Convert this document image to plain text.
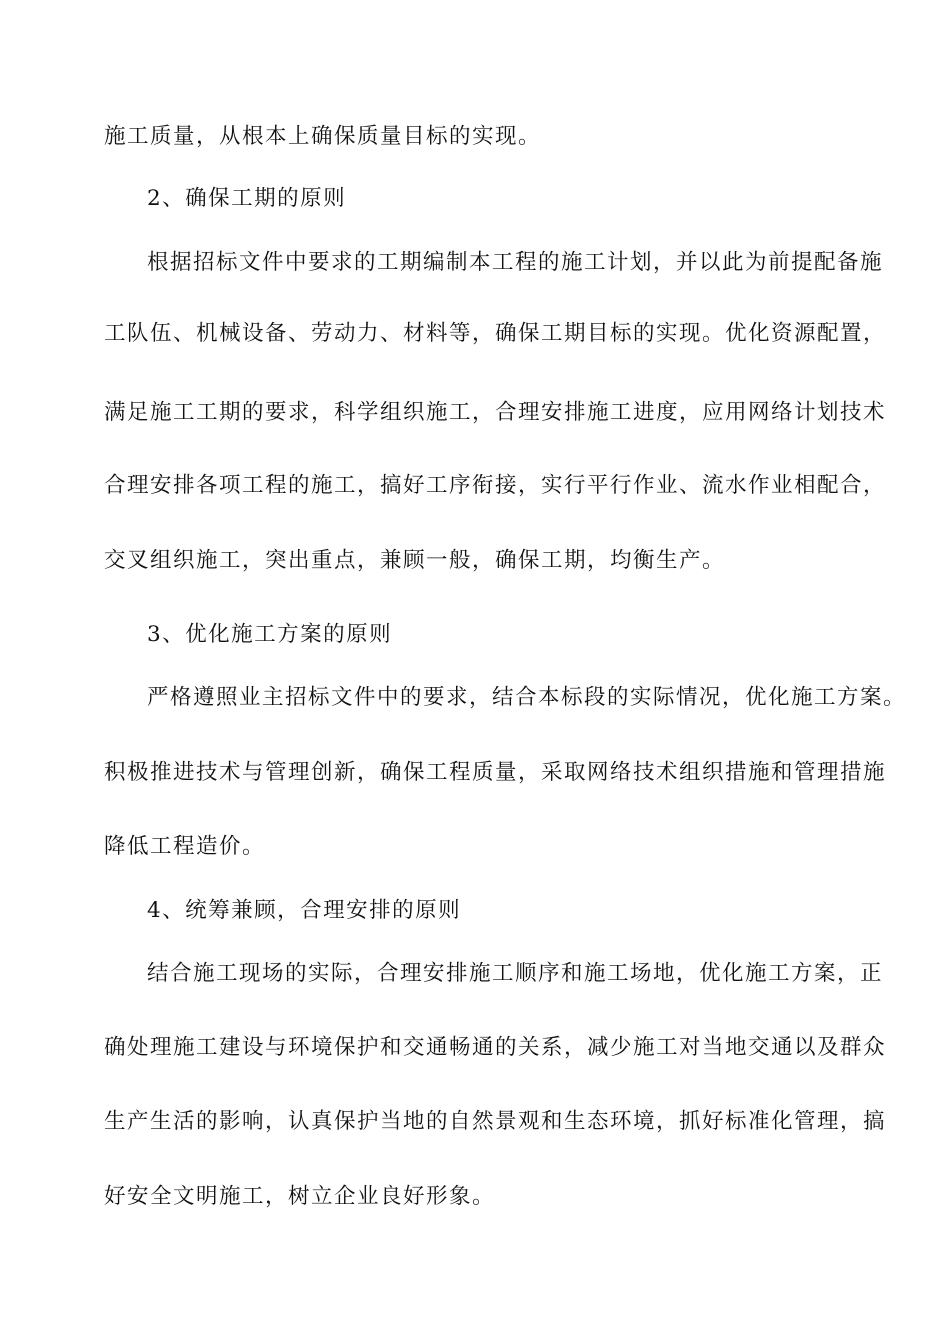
施工质量，从根本上确保质量目标的实现。
2、确保工期的原则
根据招标文件中要求的工期编制本工程的施工计划，并以此为前提配备施
工队伍、机械设备、劳动力、材料等，确保工期目标的实现。优化资源配置，
满足施工工期的要求，科学组织施工，合理安排施工进度，应用网络计划技术
合理安排各项工程的施工，搞好工序衔接，实行平行作业、流水作业相配合，
交叉组织施工，突出重点，兼顾一般，确保工期，均衡生产。
3、优化施工方案的原则
严格遵照业主招标文件中的要求，结合本标段的实际情况，优化施工方案。
积极推进技术与管理创新，确保工程质量，采取网络技术组织措施和管理措施
降低工程造价。
4、统筹兼顾，合理安排的原则
结合施工现场的实际，合理安排施工顺序和施工场地，优化施工方案，正
确处理施工建设与环境保护和交通畅通的关系，减少施工对当地交通以及群众
生产生活的影响，认真保护当地的自然景观和生态环境，抓好标准化管理，搞
好安全文明施工，树立企业良好形象。
